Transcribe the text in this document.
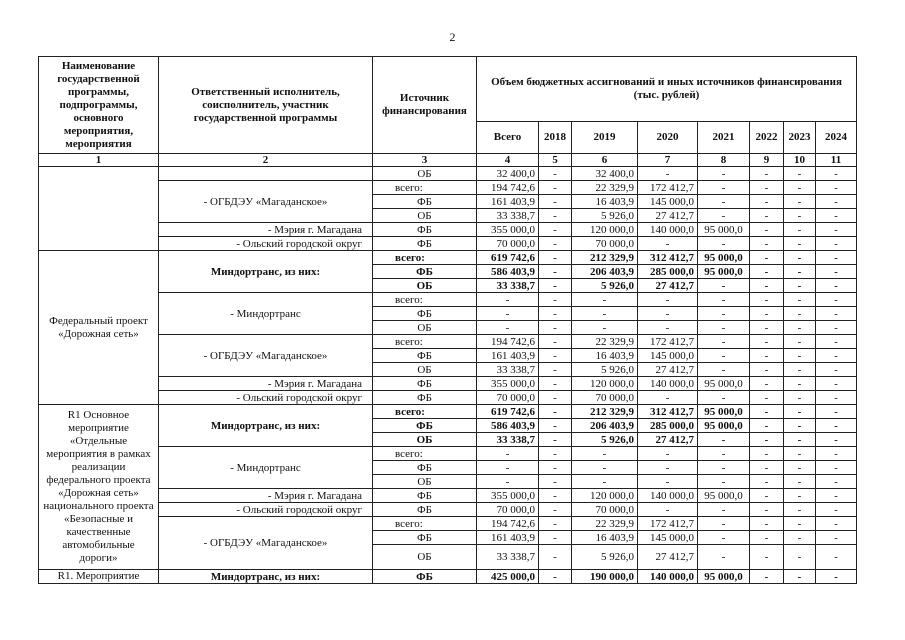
2
Наименование государственной программы, подпрограммы, основного мероприятия, мероприятия	Ответственный исполнитель, соисполнитель, участник государственной программы	Источник финансирования	Объем бюджетных ассигнований и иных источников финансирования (тыс. рублей)							
			Всего	2018	2019	2020	2021	2022	2023	2024
1	2	3	4	5	6	7	8	9	10	11
		ОБ	32 400,0	-	32 400,0	-	-	-	-	-
	- ОГБДЭУ «Магаданское»	всего:	194 742,6	-	22 329,9	172 412,7	-	-	-	-
		ФБ	161 403,9	-	16 403,9	145 000,0	-	-	-	-
		ОБ	33 338,7	-	5 926,0	27 412,7	-	-	-	-
	- Мэрия г. Магадана	ФБ	355 000,0	-	120 000,0	140 000,0	95 000,0	-	-	-
	- Ольский городской округ	ФБ	70 000,0	-	70 000,0	-	-	-	-	-
Федеральный проект «Дорожная сеть»	Миндортранс, из них:	всего:	619 742,6	-	212 329,9	312 412,7	95 000,0	-	-	-
		ФБ	586 403,9	-	206 403,9	285 000,0	95 000,0	-	-	-
		ОБ	33 338,7	-	5 926,0	27 412,7	-	-	-	-
	- Миндортранс	всего:	-	-	-	-	-	-	-	-
		ФБ	-	-	-	-	-	-	-	-
		ОБ	-	-	-	-	-	-	-	-
	- ОГБДЭУ «Магаданское»	всего:	194 742,6	-	22 329,9	172 412,7	-	-	-	-
		ФБ	161 403,9	-	16 403,9	145 000,0	-	-	-	-
		ОБ	33 338,7	-	5 926,0	27 412,7	-	-	-	-
	- Мэрия г. Магадана	ФБ	355 000,0	-	120 000,0	140 000,0	95 000,0	-	-	-
	- Ольский городской округ	ФБ	70 000,0	-	70 000,0	-	-	-	-	-
R1 Основное мероприятие «Отдельные мероприятия в рамках реализации федерального проекта «Дорожная сеть» национального проекта «Безопасные и качественные автомобильные дороги»	Миндортранс, из них:	всего:	619 742,6	-	212 329,9	312 412,7	95 000,0	-	-	-
		ФБ	586 403,9	-	206 403,9	285 000,0	95 000,0	-	-	-
		ОБ	33 338,7	-	5 926,0	27 412,7	-	-	-	-
	- Миндортранс	всего:	-	-	-	-	-	-	-	-
		ФБ	-	-	-	-	-	-	-	-
		ОБ	-	-	-	-	-	-	-	-
	- Мэрия г. Магадана	ФБ	355 000,0	-	120 000,0	140 000,0	95 000,0	-	-	-
	- Ольский городской округ	ФБ	70 000,0	-	70 000,0	-	-	-	-	-
	- ОГБДЭУ «Магаданское»	всего:	194 742,6	-	22 329,9	172 412,7	-	-	-	-
		ФБ	161 403,9	-	16 403,9	145 000,0	-	-	-	-
		ОБ	33 338,7	-	5 926,0	27 412,7	-	-	-	-
R1. Мероприятие	Миндортранс, из них:	ФБ	425 000,0	-	190 000,0	140 000,0	95 000,0	-	-	-
